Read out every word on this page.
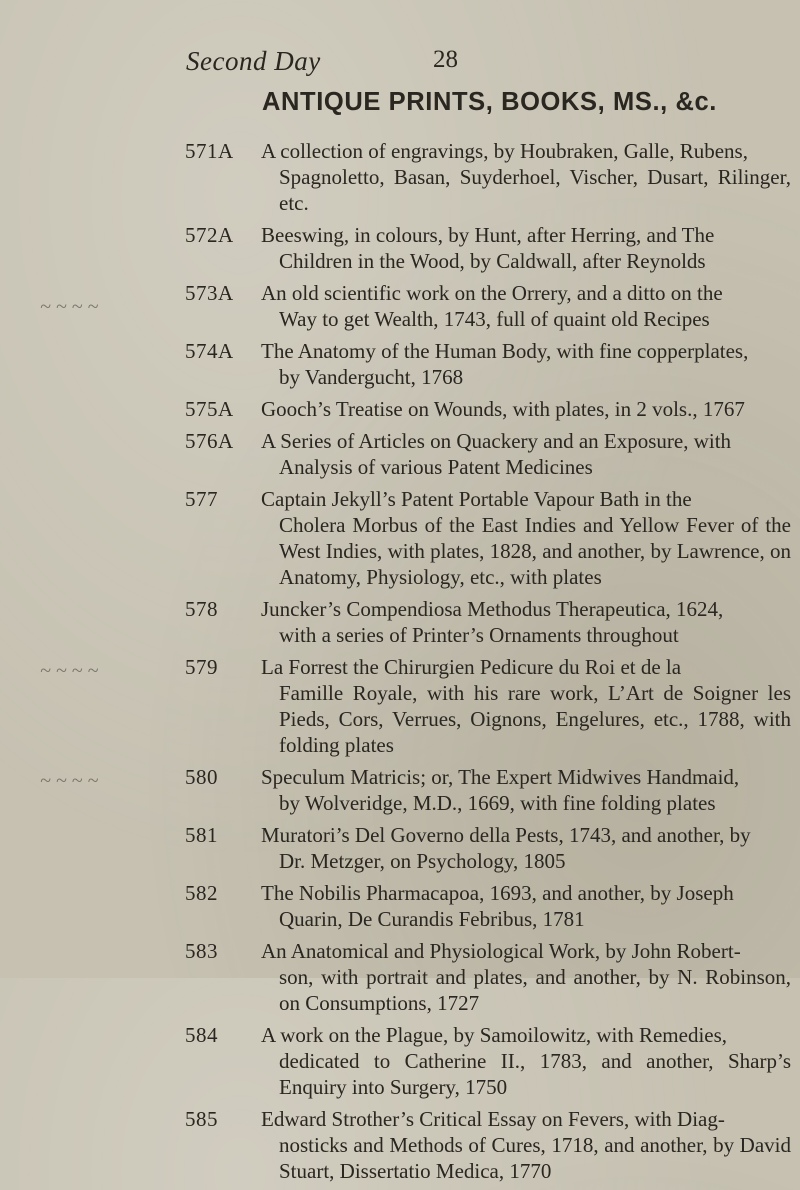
Second Day	28
ANTIQUE PRINTS, BOOKS, MS., &c.
~ ~ ~ ~
~ ~ ~ ~
~ ~ ~ ~
571A A collection of engravings, by Houbraken, Galle, Rubens,
Spagnoletto, Basan, Suyderhoel, Vischer, Dusart, Rilinger, etc.
572A Beeswing, in colours, by Hunt, after Herring, and The
Children in the Wood, by Caldwall, after Reynolds
573A An old scientific work on the Orrery, and a ditto on the
Way to get Wealth, 1743, full of quaint old Recipes
574A The Anatomy of the Human Body, with fine copperplates,
by Vandergucht, 1768
575A Gooch’s Treatise on Wounds, with plates, in 2 vols., 1767
576A A Series of Articles on Quackery and an Exposure, with
Analysis of various Patent Medicines
577 Captain Jekyll’s Patent Portable Vapour Bath in the
Cholera Morbus of the East Indies and Yellow Fever of the West Indies, with plates, 1828, and another, by Lawrence, on Anatomy, Physiology, etc., with plates
578 Juncker’s Compendiosa Methodus Therapeutica, 1624,
with a series of Printer’s Ornaments throughout
579 La Forrest the Chirurgien Pedicure du Roi et de la
Famille Royale, with his rare work, L’Art de Soigner les Pieds, Cors, Verrues, Oignons, Engelures, etc., 1788, with folding plates
580 Speculum Matricis; or, The Expert Midwives Handmaid,
by Wolveridge, M.D., 1669, with fine folding plates
581 Muratori’s Del Governo della Pests, 1743, and another, by
Dr. Metzger, on Psychology, 1805
582 The Nobilis Pharmacapoa, 1693, and another, by Joseph
Quarin, De Curandis Febribus, 1781
583 An Anatomical and Physiological Work, by John Robert-
son, with portrait and plates, and another, by N. Robinson, on Consumptions, 1727
584 A work on the Plague, by Samoilowitz, with Remedies,
dedicated to Catherine II., 1783, and another, Sharp’s Enquiry into Surgery, 1750
585 Edward Strother’s Critical Essay on Fevers, with Diag-
nosticks and Methods of Cures, 1718, and another, by David Stuart, Dissertatio Medica, 1770
